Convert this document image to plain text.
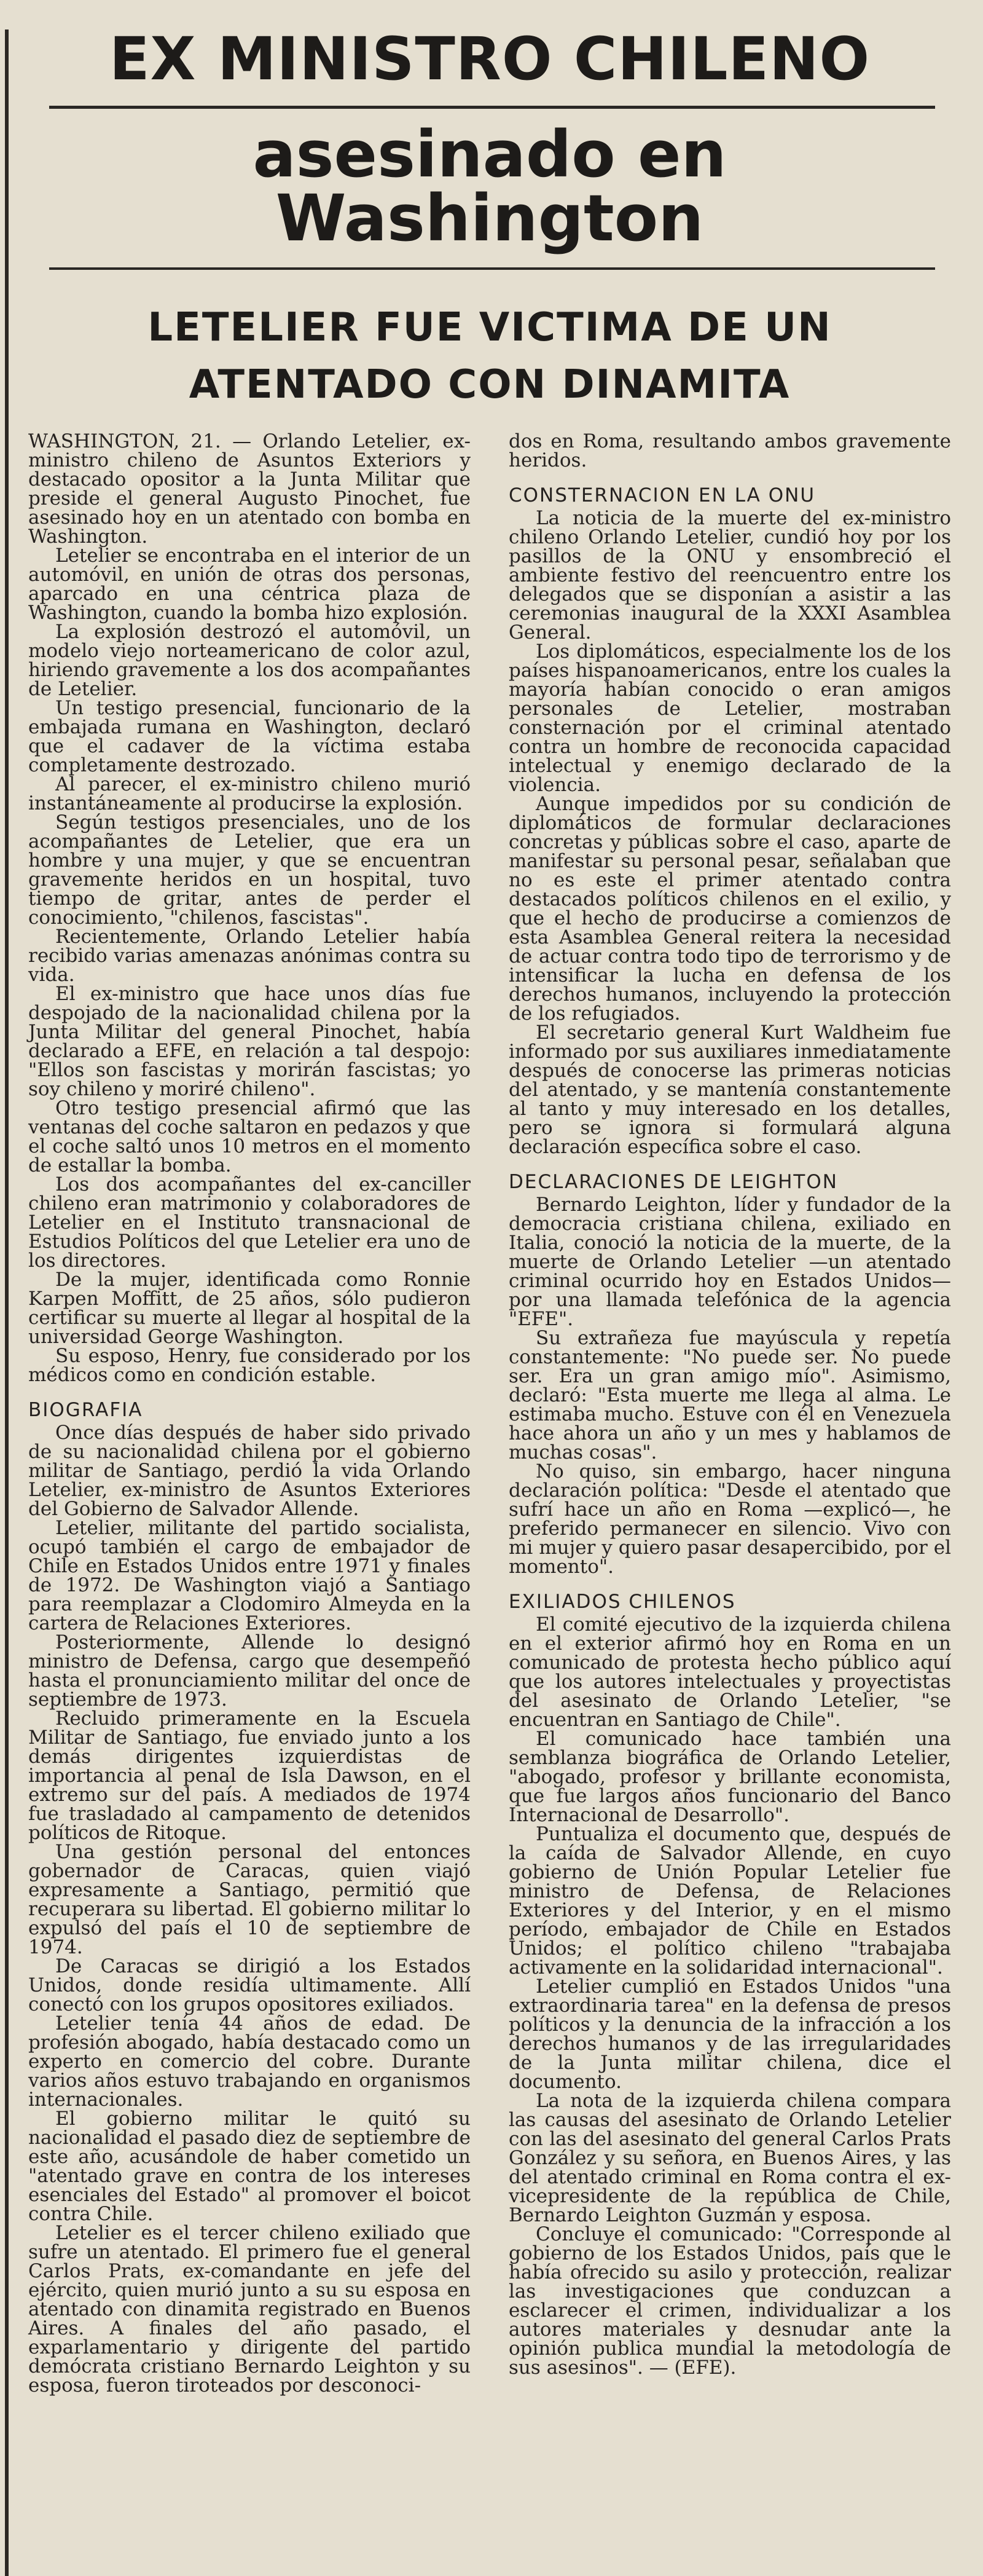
EX MINISTRO CHILENO
asesinado en Washington
LETELIER FUE VICTIMA DE UN ATENTADO CON DINAMITA

WASHINGTON, 21. — Orlando Letelier, ex-ministro chileno de Asuntos Exteriors y destacado opositor a la Junta Militar que preside el general Augusto Pinochet, fue asesinado hoy en un atentado con bomba en Washington.

Letelier se encontraba en el interior de un automóvil, en unión de otras dos personas, aparcado en una céntrica plaza de Washington, cuando la bomba hizo explosión.

La explosión destrozó el automóvil, un modelo viejo norteamericano de color azul, hiriendo gravemente a los dos acompañantes de Letelier.

Un testigo presencial, funcionario de la embajada rumana en Washington, declaró que el cadaver de la víctima estaba completamente destrozado.

Al parecer, el ex-ministro chileno murió instantáneamente al producirse la explosión.

Según testigos presenciales, uno de los acompañantes de Letelier, que era un hombre y una mujer, y que se encuentran gravemente heridos en un hospital, tuvo tiempo de gritar, antes de perder el conocimiento, "chilenos, fascistas".

Recientemente, Orlando Letelier había recibido varias amenazas anónimas contra su vida.

El ex-ministro que hace unos días fue despojado de la nacionalidad chilena por la Junta Militar del general Pinochet, había declarado a EFE, en relación a tal despojo: "Ellos son fascistas y morirán fascistas; yo soy chileno y moriré chileno".

Otro testigo presencial afirmó que las ventanas del coche saltaron en pedazos y que el coche saltó unos 10 metros en el momento de estallar la bomba.

Los dos acompañantes del ex-canciller chileno eran matrimonio y colaboradores de Letelier en el Instituto transnacional de Estudios Políticos del que Letelier era uno de los directores.

De la mujer, identificada como Ronnie Karpen Moffitt, de 25 años, sólo pudieron certificar su muerte al llegar al hospital de la universidad George Washington.

Su esposo, Henry, fue considerado por los médicos como en condición estable.

BIOGRAFIA

Once días después de haber sido privado de su nacionalidad chilena por el gobierno militar de Santiago, perdió la vida Orlando Letelier, ex-ministro de Asuntos Exteriores del Gobierno de Salvador Allende.

Letelier, militante del partido socialista, ocupó también el cargo de embajador de Chile en Estados Unidos entre 1971 y finales de 1972. De Washington viajó a Santiago para reemplazar a Clodomiro Almeyda en la cartera de Relaciones Exteriores.

Posteriormente, Allende lo designó ministro de Defensa, cargo que desempeñó hasta el pronunciamiento militar del once de septiembre de 1973.

Recluido primeramente en la Escuela Militar de Santiago, fue enviado junto a los demás dirigentes izquierdistas de importancia al penal de Isla Dawson, en el extremo sur del país. A mediados de 1974 fue trasladado al campamento de detenidos políticos de Ritoque.

Una gestión personal del entonces gobernador de Caracas, quien viajó expresamente a Santiago, permitió que recuperara su libertad. El gobierno militar lo expulsó del país el 10 de septiembre de 1974.

De Caracas se dirigió a los Estados Unidos, donde residía ultimamente. Allí conectó con los grupos opositores exiliados.

Letelier tenía 44 años de edad. De profesión abogado, había destacado como un experto en comercio del cobre. Durante varios años estuvo trabajando en organismos internacionales.

El gobierno militar le quitó su nacionalidad el pasado diez de septiembre de este año, acusándole de haber cometido un "atentado grave en contra de los intereses esenciales del Estado" al promover el boicot contra Chile.

Letelier es el tercer chileno exiliado que sufre un atentado. El primero fue el general Carlos Prats, ex-comandante en jefe del ejército, quien murió junto a su su esposa en atentado con dinamita registrado en Buenos Aires. A finales del año pasado, el exparlamentario y dirigente del partido demócrata cristiano Bernardo Leighton y su esposa, fueron tiroteados por desconoci-

dos en Roma, resultando ambos gravemente heridos.

CONSTERNACION EN LA ONU

La noticia de la muerte del ex-ministro chileno Orlando Letelier, cundió hoy por los pasillos de la ONU y ensombreció el ambiente festivo del reencuentro entre los delegados que se disponían a asistir a las ceremonias inaugural de la XXXI Asamblea General.

Los diplomáticos, especialmente los de los países hispanoamericanos, entre los cuales la mayoría habían conocido o eran amigos personales de Letelier, mostraban consternación por el criminal atentado contra un hombre de reconocida capacidad intelectual y enemigo declarado de la violencia.

Aunque impedidos por su condición de diplomáticos de formular declaraciones concretas y públicas sobre el caso, aparte de manifestar su personal pesar, señalaban que no es este el primer atentado contra destacados políticos chilenos en el exilio, y que el hecho de producirse a comienzos de esta Asamblea General reitera la necesidad de actuar contra todo tipo de terrorismo y de intensificar la lucha en defensa de los derechos humanos, incluyendo la protección de los refugiados.

El secretario general Kurt Waldheim fue informado por sus auxiliares inmediatamente después de conocerse las primeras noticias del atentado, y se mantenía constantemente al tanto y muy interesado en los detalles, pero se ignora si formulará alguna declaración específica sobre el caso.

DECLARACIONES DE LEIGHTON

Bernardo Leighton, líder y fundador de la democracia cristiana chilena, exiliado en Italia, conoció la noticia de la muerte, de la muerte de Orlando Letelier —un atentado criminal ocurrido hoy en Estados Unidos— por una llamada telefónica de la agencia "EFE".

Su extrañeza fue mayúscula y repetía constantemente: "No puede ser. No puede ser. Era un gran amigo mío". Asimismo, declaró: "Esta muerte me llega al alma. Le estimaba mucho. Estuve con él en Venezuela hace ahora un año y un mes y hablamos de muchas cosas".

No quiso, sin embargo, hacer ninguna declaración política: "Desde el atentado que sufrí hace un año en Roma —explicó—, he preferido permanecer en silencio. Vivo con mi mujer y quiero pasar desapercibido, por el momento".

EXILIADOS CHILENOS

El comité ejecutivo de la izquierda chilena en el exterior afirmó hoy en Roma en un comunicado de protesta hecho público aquí que los autores intelectuales y proyectistas del asesinato de Orlando Letelier, "se encuentran en Santiago de Chile".

El comunicado hace también una semblanza biográfica de Orlando Letelier, "abogado, profesor y brillante economista, que fue largos años funcionario del Banco Internacional de Desarrollo".

Puntualiza el documento que, después de la caída de Salvador Allende, en cuyo gobierno de Unión Popular Letelier fue ministro de Defensa, de Relaciones Exteriores y del Interior, y en el mismo período, embajador de Chile en Estados Unidos; el político chileno "trabajaba activamente en la solidaridad internacional".

Letelier cumplió en Estados Unidos "una extraordinaria tarea" en la defensa de presos políticos y la denuncia de la infracción a los derechos humanos y de las irregularidades de la Junta militar chilena, dice el documento.

La nota de la izquierda chilena compara las causas del asesinato de Orlando Letelier con las del asesinato del general Carlos Prats González y su señora, en Buenos Aires, y las del atentado criminal en Roma contra el ex-vicepresidente de la república de Chile, Bernardo Leighton Guzmán y esposa.

Concluye el comunicado: "Corresponde al gobierno de los Estados Unidos, país que le había ofrecido su asilo y protección, realizar las investigaciones que conduzcan a esclarecer el crimen, individualizar a los autores materiales y desnudar ante la opinión publica mundial la metodología de sus asesinos". — (EFE).
